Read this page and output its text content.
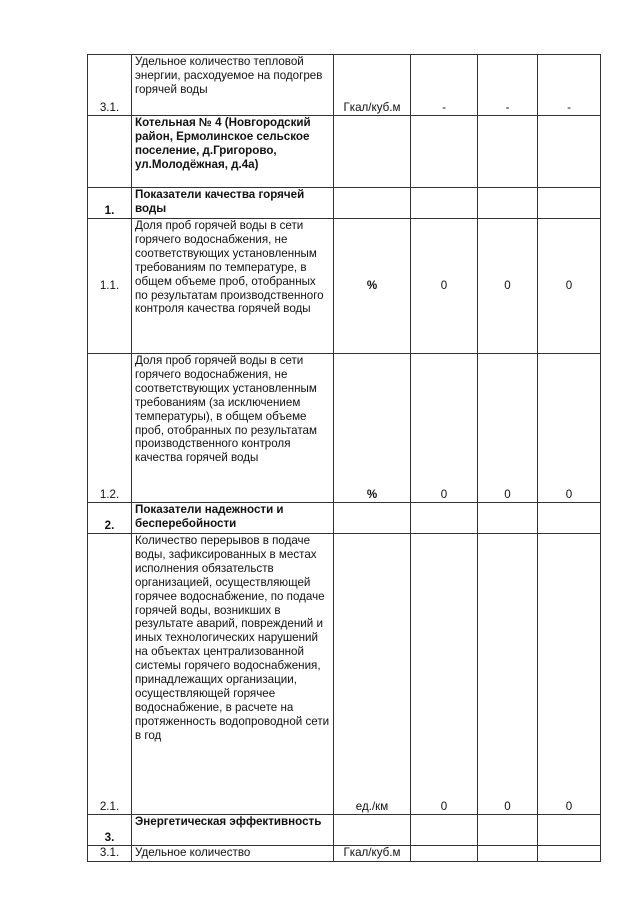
3.1.	Удельное количество тепловой энергии, расходуемое на подогрев горячей воды	Гкал/куб.м	-	-	-
	Котельная № 4 (Новгородский район, Ермолинское сельское поселение, д.Григорово, ул.Молодёжная, д.4а)				
1.	Показатели качества горячей воды				
1.1.	Доля проб горячей воды в сети горячего водоснабжения, не соответствующих установленным требованиям по температуре, в общем объеме проб, отобранных по результатам производственного контроля качества горячей воды	%	0	0	0
1.2.	Доля проб горячей воды в сети горячего водоснабжения, не соответствующих установленным требованиям (за исключением температуры), в общем объеме проб, отобранных по результатам производственного контроля качества горячей воды	%	0	0	0
2.	Показатели надежности и бесперебойности				
2.1.	Количество перерывов в подаче воды, зафиксированных в местах исполнения обязательств организацией, осуществляющей горячее водоснабжение, по подаче горячей воды, возникших в результате аварий, повреждений и иных технологических нарушений на объектах централизованной системы горячего водоснабжения, принадлежащих организации, осуществляющей горячее водоснабжение, в расчете на протяженность водопроводной сети в год	ед./км	0	0	0
3.	Энергетическая эффективность				
3.1.	Удельное количество	Гкал/куб.м			
